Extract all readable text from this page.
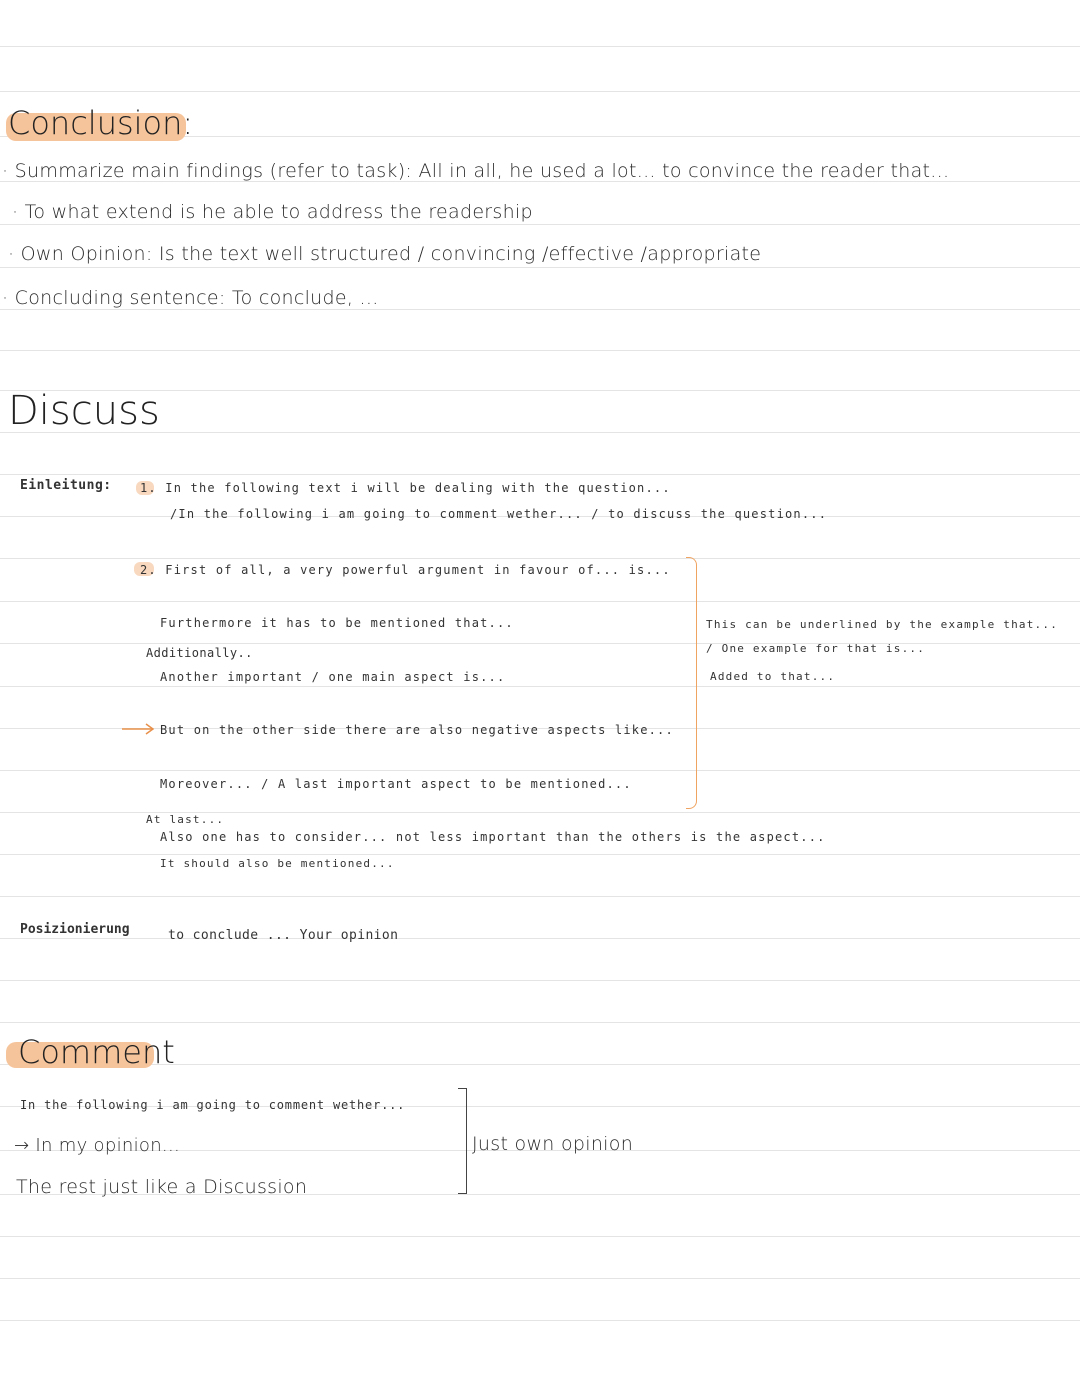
Conclusion:
· Summarize main findings (refer to task): All in all, he used a lot... to convince the reader that...
· To what extend is he able to address the readership
· Own Opinion: Is the text well structured / convincing /effective /appropriate
· Concluding sentence: To conclude, ...
Discuss
Einleitung: 1. In the following text i will be dealing with the question...
/In the following i am going to comment wether... / to discuss the question...
2. First of all, a very powerful argument in favour of... is...
Furthermore it has to be mentioned that...
Additionally..
Another important / one main aspect is...
But on the other side there are also negative aspects like...
Moreover... / A last important aspect to be mentioned...
At last...
Also one has to consider... not less important than the others is the aspect...
It should also be mentioned...
This can be underlined by the example that...
/ One example for that is...
Added to that...
Posizionierung	to conclude ... Your opinion
Comment
In the following i am going to comment wether...
→ In my opinion...
The rest just like a Discussion
Just own opinion
